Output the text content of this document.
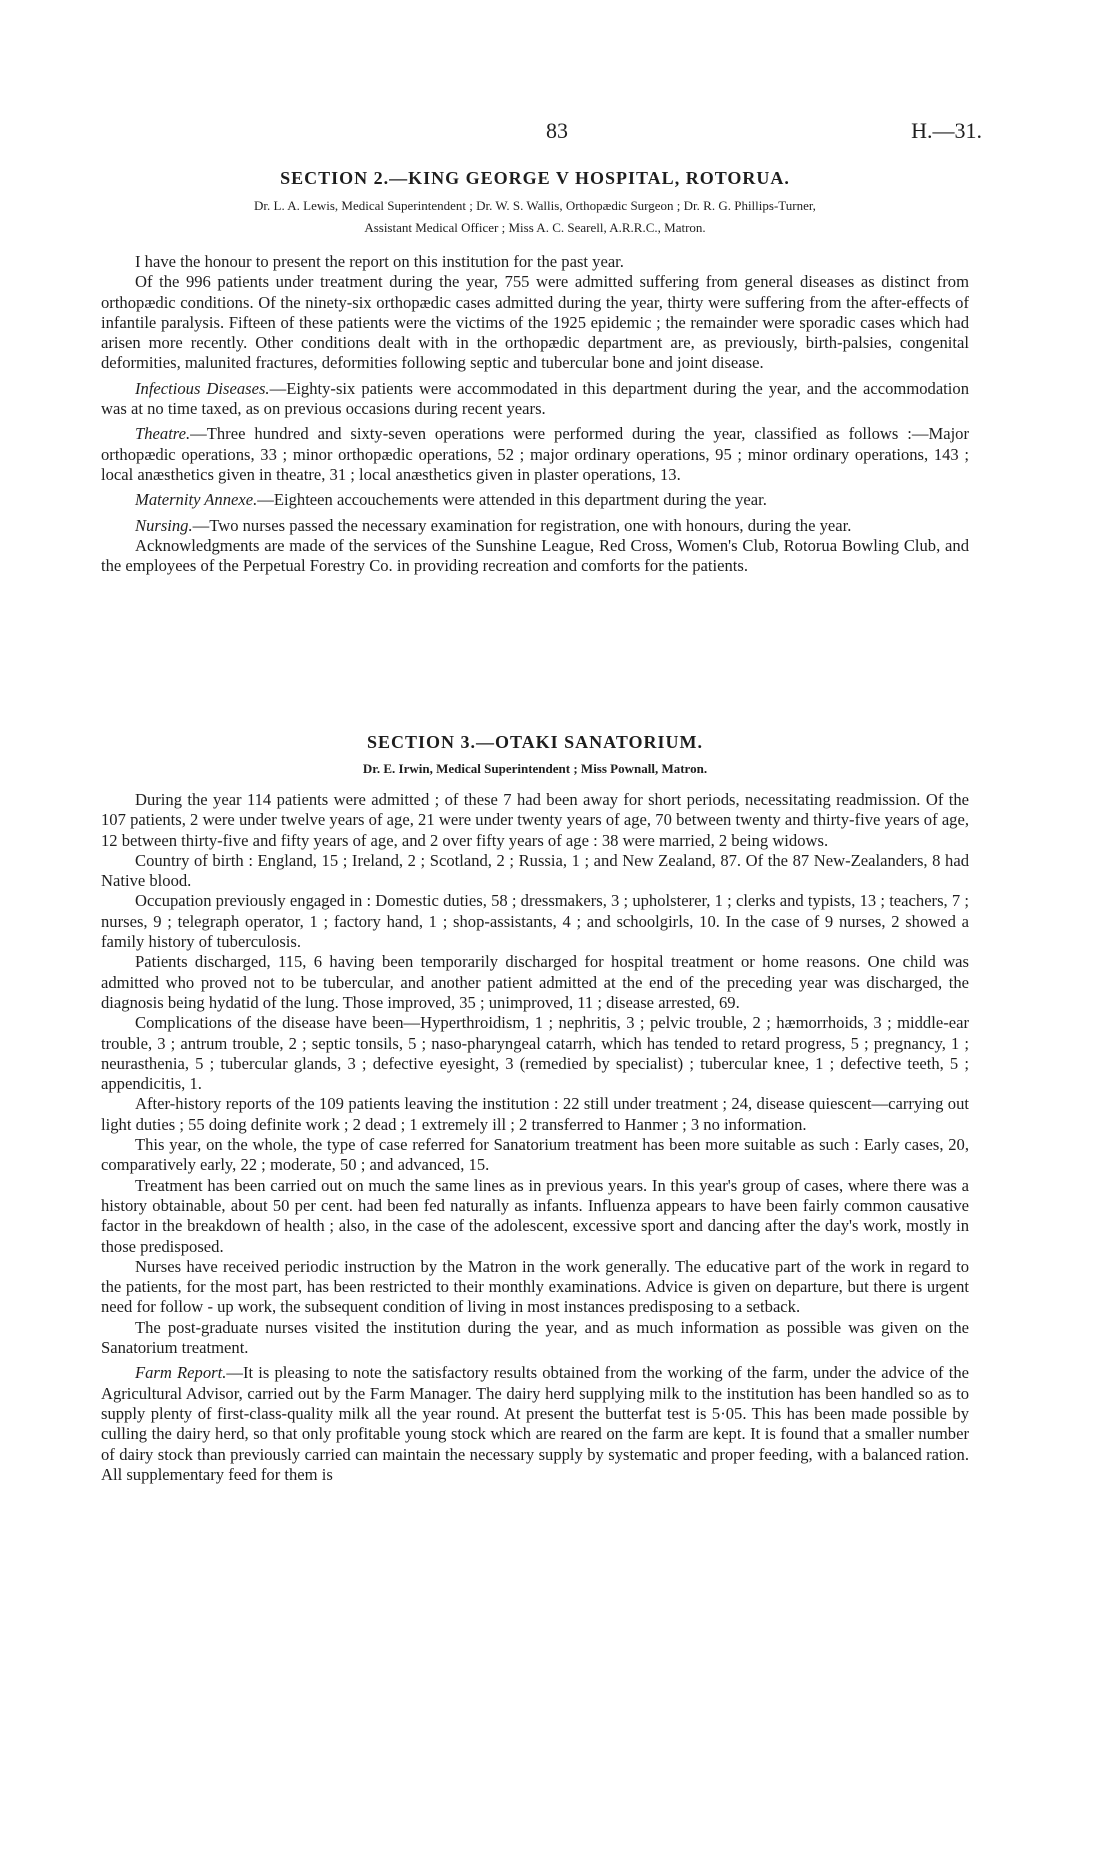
83	H.—31.
SECTION 2.—KING GEORGE V HOSPITAL, ROTORUA.
Dr. L. A. Lewis, Medical Superintendent ; Dr. W. S. Wallis, Orthopædic Surgeon ; Dr. R. G. Phillips-Turner,
Assistant Medical Officer ; Miss A. C. Searell, A.R.R.C., Matron.

I have the honour to present the report on this institution for the past year.

Of the 996 patients under treatment during the year, 755 were admitted suffering from general diseases as distinct from orthopædic conditions. Of the ninety-six orthopædic cases admitted during the year, thirty were suffering from the after-effects of infantile paralysis. Fifteen of these patients were the victims of the 1925 epidemic ; the remainder were sporadic cases which had arisen more recently. Other conditions dealt with in the orthopædic department are, as previously, birth-palsies, congenital deformities, malunited fractures, deformities following septic and tubercular bone and joint disease.

Infectious Diseases.—Eighty-six patients were accommodated in this department during the year, and the accommodation was at no time taxed, as on previous occasions during recent years.

Theatre.—Three hundred and sixty-seven operations were performed during the year, classified as follows :—Major orthopædic operations, 33 ; minor orthopædic operations, 52 ; major ordinary operations, 95 ; minor ordinary operations, 143 ; local anæsthetics given in theatre, 31 ; local anæsthetics given in plaster operations, 13.

Maternity Annexe.—Eighteen accouchements were attended in this department during the year.

Nursing.—Two nurses passed the necessary examination for registration, one with honours, during the year.

Acknowledgments are made of the services of the Sunshine League, Red Cross, Women's Club, Rotorua Bowling Club, and the employees of the Perpetual Forestry Co. in providing recreation and comforts for the patients.

SECTION 3.—OTAKI SANATORIUM.
Dr. E. Irwin, Medical Superintendent ; Miss Pownall, Matron.

During the year 114 patients were admitted ; of these 7 had been away for short periods, necessitating readmission. Of the 107 patients, 2 were under twelve years of age, 21 were under twenty years of age, 70 between twenty and thirty-five years of age, 12 between thirty-five and fifty years of age, and 2 over fifty years of age : 38 were married, 2 being widows.

Country of birth : England, 15 ; Ireland, 2 ; Scotland, 2 ; Russia, 1 ; and New Zealand, 87. Of the 87 New-Zealanders, 8 had Native blood.

Occupation previously engaged in : Domestic duties, 58 ; dressmakers, 3 ; upholsterer, 1 ; clerks and typists, 13 ; teachers, 7 ; nurses, 9 ; telegraph operator, 1 ; factory hand, 1 ; shop-assistants, 4 ; and schoolgirls, 10. In the case of 9 nurses, 2 showed a family history of tuberculosis.

Patients discharged, 115, 6 having been temporarily discharged for hospital treatment or home reasons. One child was admitted who proved not to be tubercular, and another patient admitted at the end of the preceding year was discharged, the diagnosis being hydatid of the lung. Those improved, 35 ; unimproved, 11 ; disease arrested, 69.

Complications of the disease have been—Hyperthroidism, 1 ; nephritis, 3 ; pelvic trouble, 2 ; hæmorrhoids, 3 ; middle-ear trouble, 3 ; antrum trouble, 2 ; septic tonsils, 5 ; naso-pharyngeal catarrh, which has tended to retard progress, 5 ; pregnancy, 1 ; neurasthenia, 5 ; tubercular glands, 3 ; defective eyesight, 3 (remedied by specialist) ; tubercular knee, 1 ; defective teeth, 5 ; appendicitis, 1.

After-history reports of the 109 patients leaving the institution : 22 still under treatment ; 24, disease quiescent—carrying out light duties ; 55 doing definite work ; 2 dead ; 1 extremely ill ; 2 transferred to Hanmer ; 3 no information.

This year, on the whole, the type of case referred for Sanatorium treatment has been more suitable as such : Early cases, 20, comparatively early, 22 ; moderate, 50 ; and advanced, 15.

Treatment has been carried out on much the same lines as in previous years. In this year's group of cases, where there was a history obtainable, about 50 per cent. had been fed naturally as infants. Influenza appears to have been fairly common causative factor in the breakdown of health ; also, in the case of the adolescent, excessive sport and dancing after the day's work, mostly in those predisposed.

Nurses have received periodic instruction by the Matron in the work generally. The educative part of the work in regard to the patients, for the most part, has been restricted to their monthly examinations. Advice is given on departure, but there is urgent need for follow - up work, the subsequent condition of living in most instances predisposing to a setback.

The post-graduate nurses visited the institution during the year, and as much information as possible was given on the Sanatorium treatment.

Farm Report.—It is pleasing to note the satisfactory results obtained from the working of the farm, under the advice of the Agricultural Advisor, carried out by the Farm Manager. The dairy herd supplying milk to the institution has been handled so as to supply plenty of first-class-quality milk all the year round. At present the butterfat test is 5·05. This has been made possible by culling the dairy herd, so that only profitable young stock which are reared on the farm are kept. It is found that a smaller number of dairy stock than previously carried can maintain the necessary supply by systematic and proper feeding, with a balanced ration. All supplementary feed for them is
